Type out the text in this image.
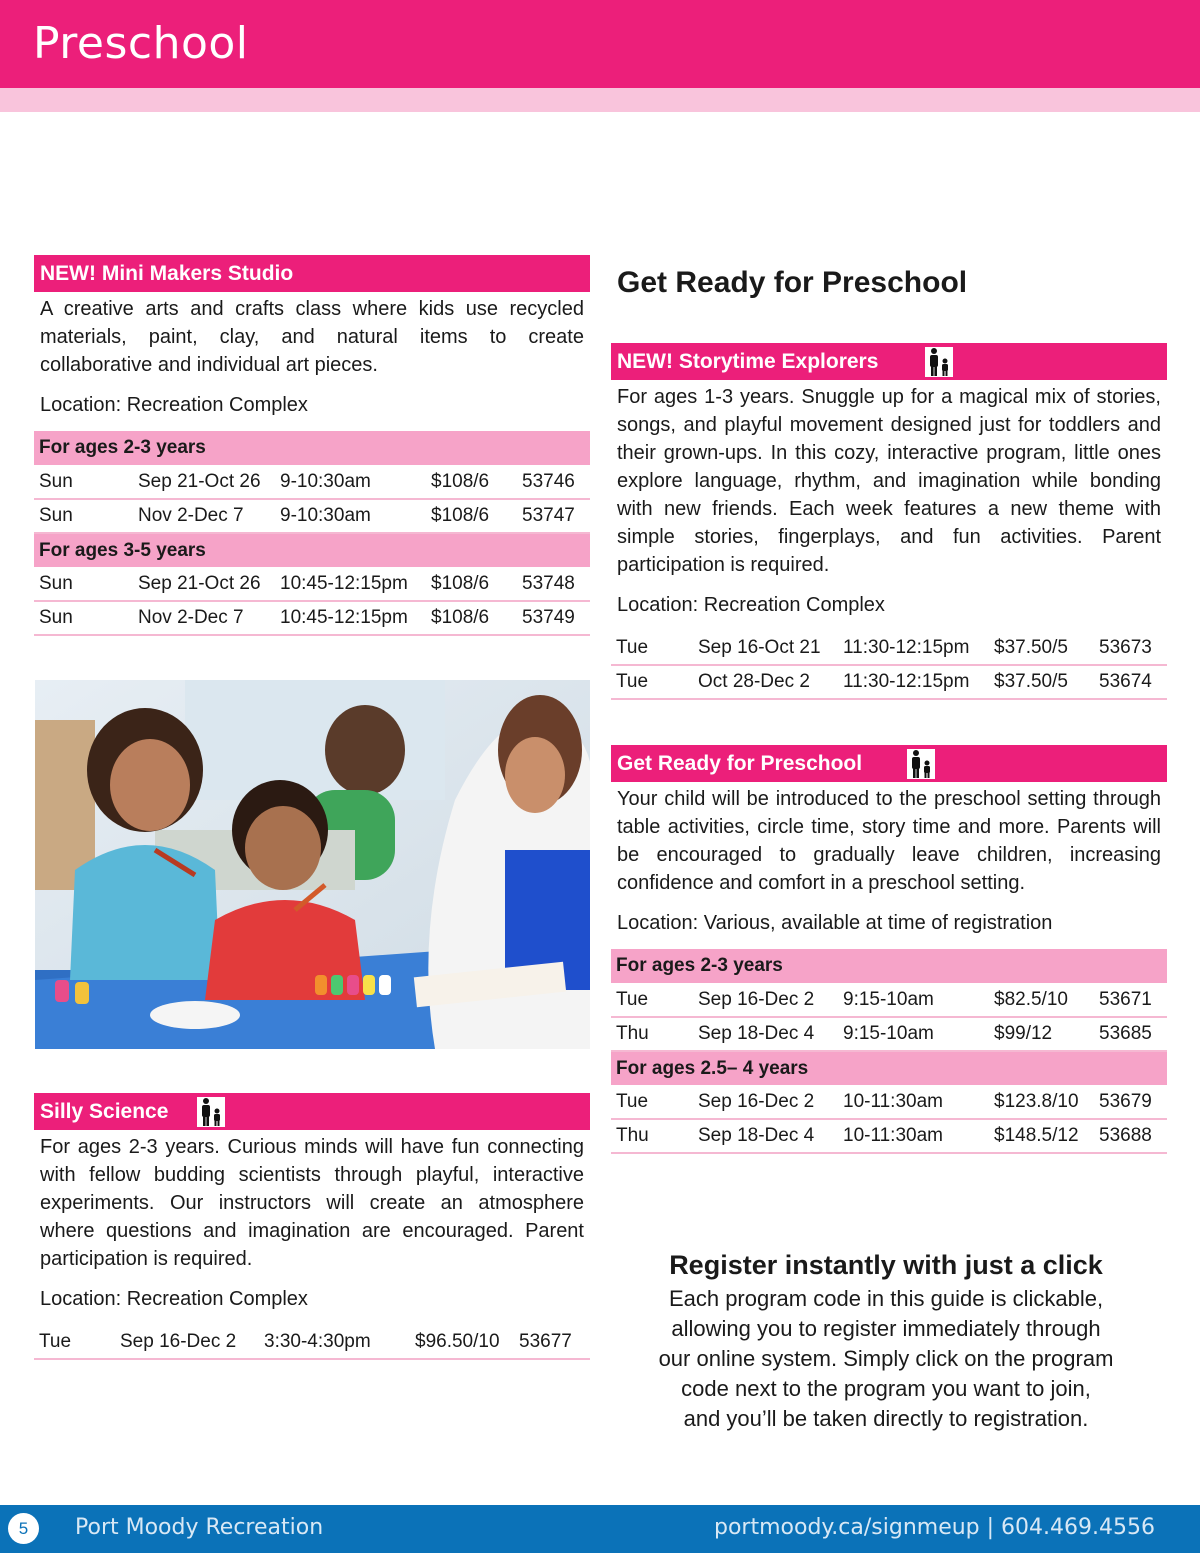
Preschool
NEW! Mini Makers Studio
A creative arts and crafts class where kids use recycled materials, paint, clay, and natural items to create collaborative and individual art pieces.
Location: Recreation Complex
For ages 2-3 years				
Sun	Sep 21-Oct 26	9-10:30am	$108/6	53746
Sun	Nov 2-Dec 7	9-10:30am	$108/6	53747
For ages 3-5 years				
Sun	Sep 21-Oct 26	10:45-12:15pm	$108/6	53748
Sun	Nov 2-Dec 7	10:45-12:15pm	$108/6	53749
Silly Science
For ages 2-3 years. Curious minds will have fun connecting with fellow budding scientists through playful, interactive experiments. Our instructors will create an atmosphere where questions and imagination are encouraged. Parent participation is required.
Location: Recreation Complex
Tue	Sep 16-Dec 2	3:30-4:30pm	$96.50/10	53677
Get Ready for Preschool
NEW! Storytime Explorers
For ages 1-3 years. Snuggle up for a magical mix of stories, songs, and playful movement designed just for toddlers and their grown-ups. In this cozy, interactive program, little ones explore language, rhythm, and imagination while bonding with new friends. Each week features a new theme with simple stories, fingerplays, and fun activities. Parent participation is required.
Location: Recreation Complex
Tue	Sep 16-Oct 21	11:30-12:15pm	$37.50/5	53673
Tue	Oct 28-Dec 2	11:30-12:15pm	$37.50/5	53674
Get Ready for Preschool
Your child will be introduced to the preschool setting through table activities, circle time, story time and more. Parents will be encouraged to gradually leave children, increasing confidence and comfort in a preschool setting.
Location: Various, available at time of registration
For ages 2-3 years				
Tue	Sep 16-Dec 2	9:15-10am	$82.5/10	53671
Thu	Sep 18-Dec 4	9:15-10am	$99/12	53685
For ages 2.5– 4 years				
Tue	Sep 16-Dec 2	10-11:30am	$123.8/10	53679
Thu	Sep 18-Dec 4	10-11:30am	$148.5/12	53688
Register instantly with just a click
Each program code in this guide is clickable,
allowing you to register immediately through
our online system. Simply click on the program
code next to the program you want to join,
and you’ll be taken directly to registration.
5	Port Moody Recreation	portmoody.ca/signmeup | 604.469.4556
